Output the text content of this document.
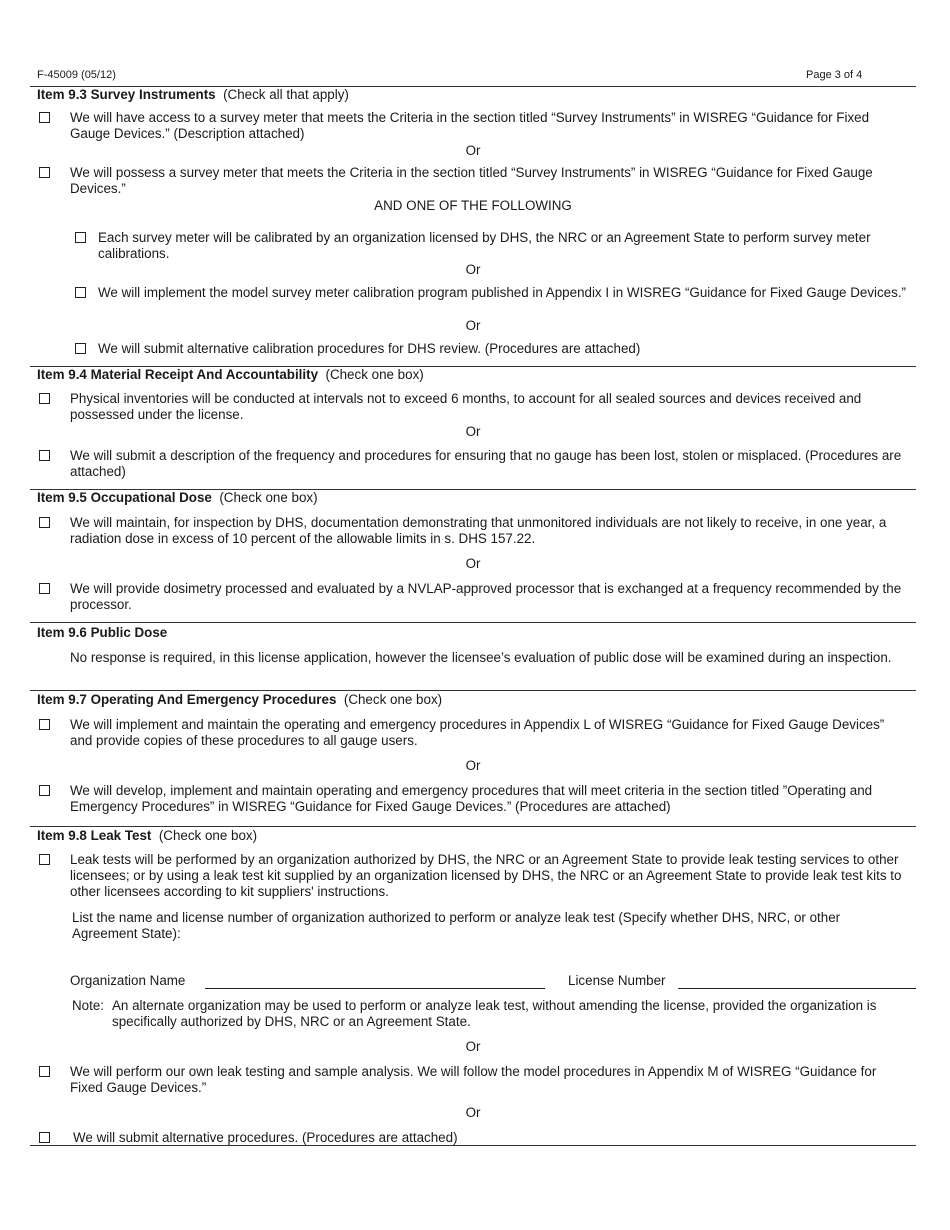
F-45009 (05/12)	Page 3 of 4
Item 9.3 Survey Instruments (Check all that apply)
We will have access to a survey meter that meets the Criteria in the section titled “Survey Instruments” in WISREG “Guidance for Fixed Gauge Devices.” (Description attached)
Or
We will possess a survey meter that meets the Criteria in the section titled “Survey Instruments” in WISREG “Guidance for Fixed Gauge Devices.”
AND ONE OF THE FOLLOWING
Each survey meter will be calibrated by an organization licensed by DHS, the NRC or an Agreement State to perform survey meter calibrations.
Or
We will implement the model survey meter calibration program published in Appendix I in WISREG “Guidance for Fixed Gauge Devices.”
Or
We will submit alternative calibration procedures for DHS review. (Procedures are attached)
Item 9.4 Material Receipt And Accountability (Check one box)
Physical inventories will be conducted at intervals not to exceed 6 months, to account for all sealed sources and devices received and possessed under the license.
Or
We will submit a description of the frequency and procedures for ensuring that no gauge has been lost, stolen or misplaced. (Procedures are attached)
Item 9.5 Occupational Dose (Check one box)
We will maintain, for inspection by DHS, documentation demonstrating that unmonitored individuals are not likely to receive, in one year, a radiation dose in excess of 10 percent of the allowable limits in s. DHS 157.22.
Or
We will provide dosimetry processed and evaluated by a NVLAP-approved processor that is exchanged at a frequency recommended by the processor.
Item 9.6 Public Dose
No response is required, in this license application, however the licensee’s evaluation of public dose will be examined during an inspection.
Item 9.7 Operating And Emergency Procedures (Check one box)
We will implement and maintain the operating and emergency procedures in Appendix L of WISREG “Guidance for Fixed Gauge Devices” and provide copies of these procedures to all gauge users.
Or
We will develop, implement and maintain operating and emergency procedures that will meet criteria in the section titled ”Operating and Emergency Procedures” in WISREG “Guidance for Fixed Gauge Devices.” (Procedures are attached)
Item 9.8 Leak Test (Check one box)
Leak tests will be performed by an organization authorized by DHS, the NRC or an Agreement State to provide leak testing services to other licensees; or by using a leak test kit supplied by an organization licensed by DHS, the NRC or an Agreement State to provide leak test kits to other licensees according to kit suppliers' instructions.
List the name and license number of organization authorized to perform or analyze leak test (Specify whether DHS, NRC, or other Agreement State):
Organization Name	License Number
Note: An alternate organization may be used to perform or analyze leak test, without amending the license, provided the organization is specifically authorized by DHS, NRC or an Agreement State.
Or
We will perform our own leak testing and sample analysis. We will follow the model procedures in Appendix M of WISREG “Guidance for Fixed Gauge Devices.”
Or
We will submit alternative procedures. (Procedures are attached)
